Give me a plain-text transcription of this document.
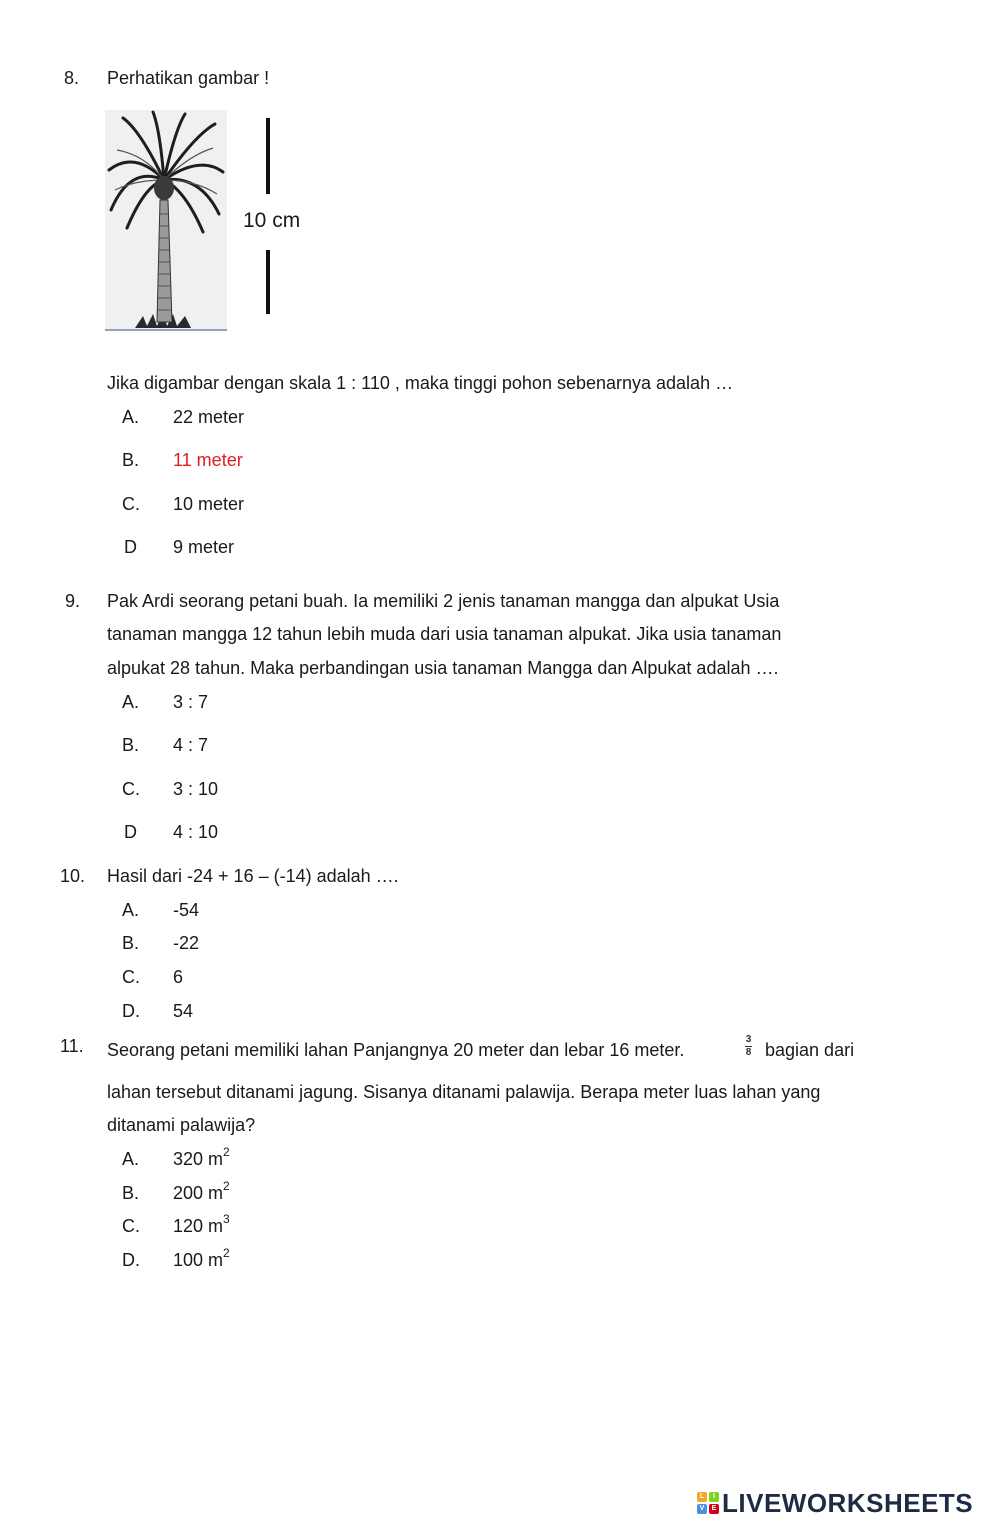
8. Perhatikan gambar !
10 cm
Jika digambar dengan skala 1 : 110 , maka tinggi pohon sebenarnya adalah …
A. 22 meter
B. 11 meter
C. 10 meter
D 9 meter
9. Pak Ardi seorang petani buah. Ia memiliki 2 jenis tanaman mangga dan alpukat Usia
tanaman mangga 12 tahun lebih muda dari usia tanaman alpukat. Jika usia tanaman
alpukat 28 tahun. Maka perbandingan usia tanaman Mangga dan Alpukat adalah ….
A. 3 : 7
B. 4 : 7
C. 3 : 10
D 4 : 10
10. Hasil dari -24 + 16 – (-14) adalah ….
A. -54
B. -22
C. 6
D. 54
11. Seorang petani memiliki lahan Panjangnya 20 meter dan lebar 16 meter.
3
8 bagian dari
lahan tersebut ditanami jagung. Sisanya ditanami palawija. Berapa meter luas lahan yang
ditanami palawija?
A. 320 $m^2$
B. 200 $m^2$
C. 120 $m^3$
D. 100 $m^2$
L	I
V	E LIVEWORKSHEETS
